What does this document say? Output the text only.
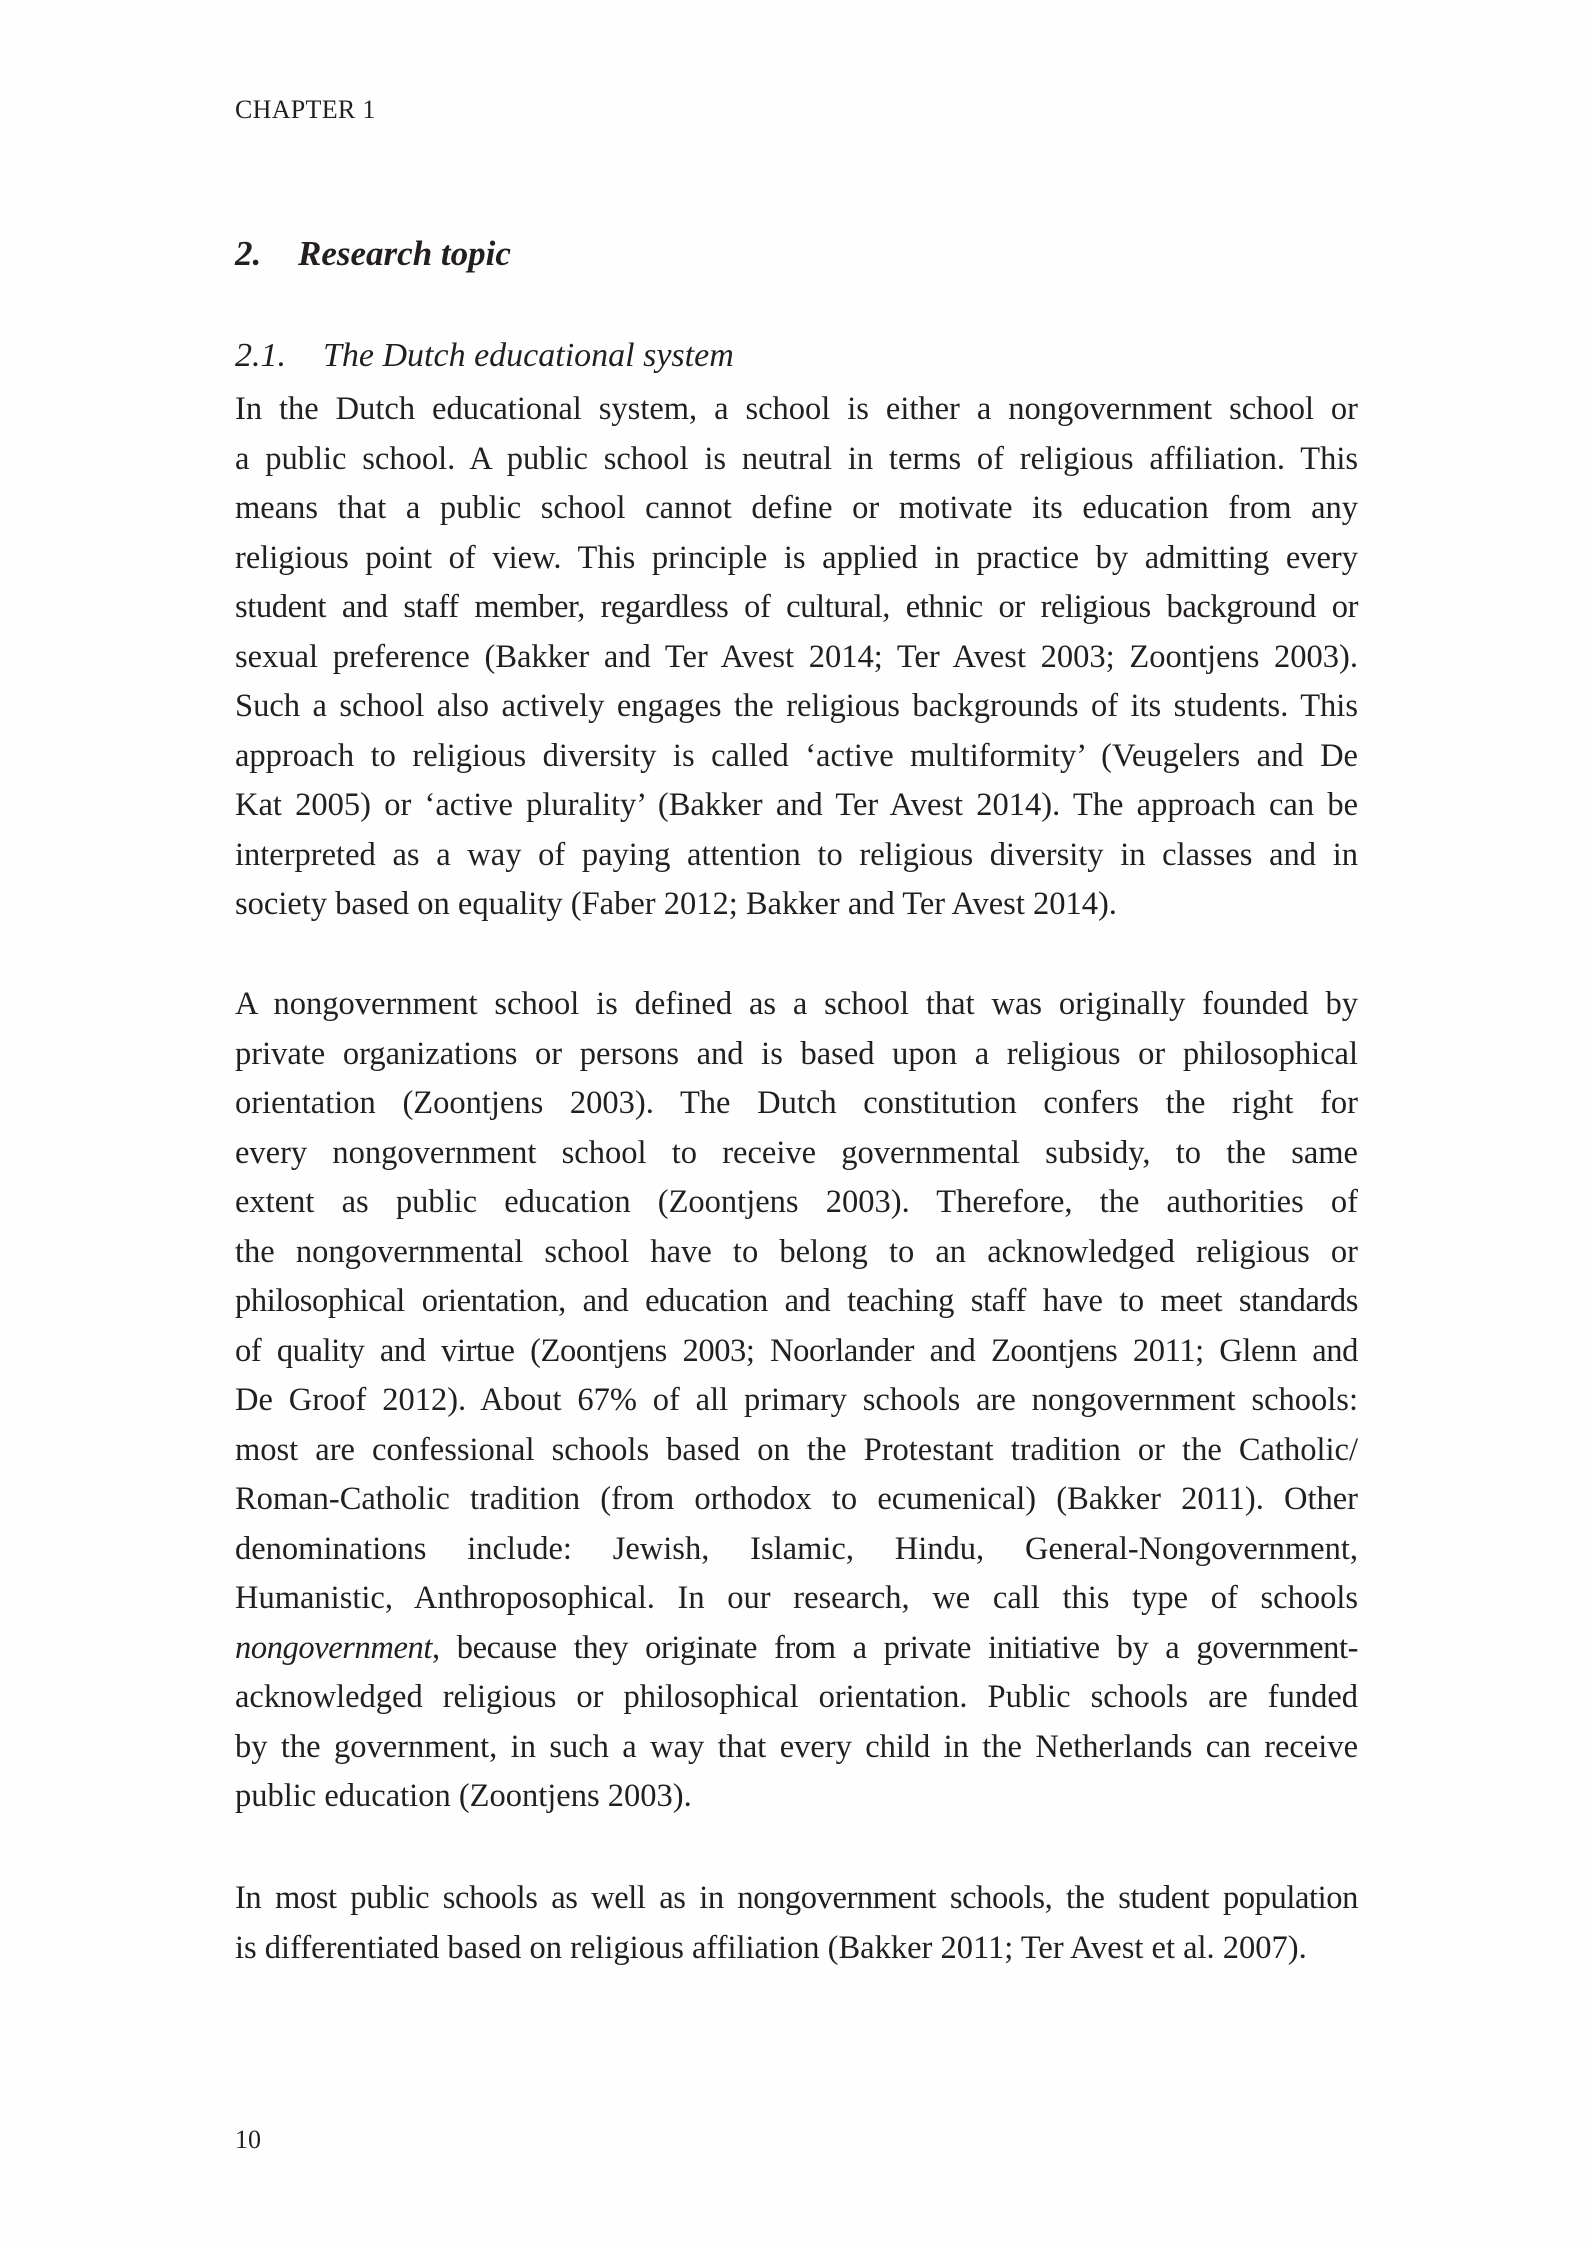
CHAPTER 1
2. Research topic
2.1. The Dutch educational system
In the Dutch educational system, a school is either a nongovernment school or
a public school. A public school is neutral in terms of religious affiliation. This
means that a public school cannot define or motivate its education from any
religious point of view. This principle is applied in practice by admitting every
student and staff member, regardless of cultural, ethnic or religious background or
sexual preference (Bakker and Ter Avest 2014; Ter Avest 2003; Zoontjens 2003).
Such a school also actively engages the religious backgrounds of its students. This
approach to religious diversity is called ‘active multiformity’ (Veugelers and De
Kat 2005) or ‘active plurality’ (Bakker and Ter Avest 2014). The approach can be
interpreted as a way of paying attention to religious diversity in classes and in
society based on equality (Faber 2012; Bakker and Ter Avest 2014).
A nongovernment school is defined as a school that was originally founded by
private organizations or persons and is based upon a religious or philosophical
orientation (Zoontjens 2003). The Dutch constitution confers the right for
every nongovernment school to receive governmental subsidy, to the same
extent as public education (Zoontjens 2003). Therefore, the authorities of
the nongovernmental school have to belong to an acknowledged religious or
philosophical orientation, and education and teaching staff have to meet standards
of quality and virtue (Zoontjens 2003; Noorlander and Zoontjens 2011; Glenn and
De Groof 2012). About 67% of all primary schools are nongovernment schools:
most are confessional schools based on the Protestant tradition or the Catholic/
Roman-Catholic tradition (from orthodox to ecumenical) (Bakker 2011). Other
denominations include: Jewish, Islamic, Hindu, General-Nongovernment,
Humanistic, Anthroposophical. In our research, we call this type of schools
nongovernment, because they originate from a private initiative by a government-
acknowledged religious or philosophical orientation. Public schools are funded
by the government, in such a way that every child in the Netherlands can receive
public education (Zoontjens 2003).
In most public schools as well as in nongovernment schools, the student population
is differentiated based on religious affiliation (Bakker 2011; Ter Avest et al. 2007).
10
